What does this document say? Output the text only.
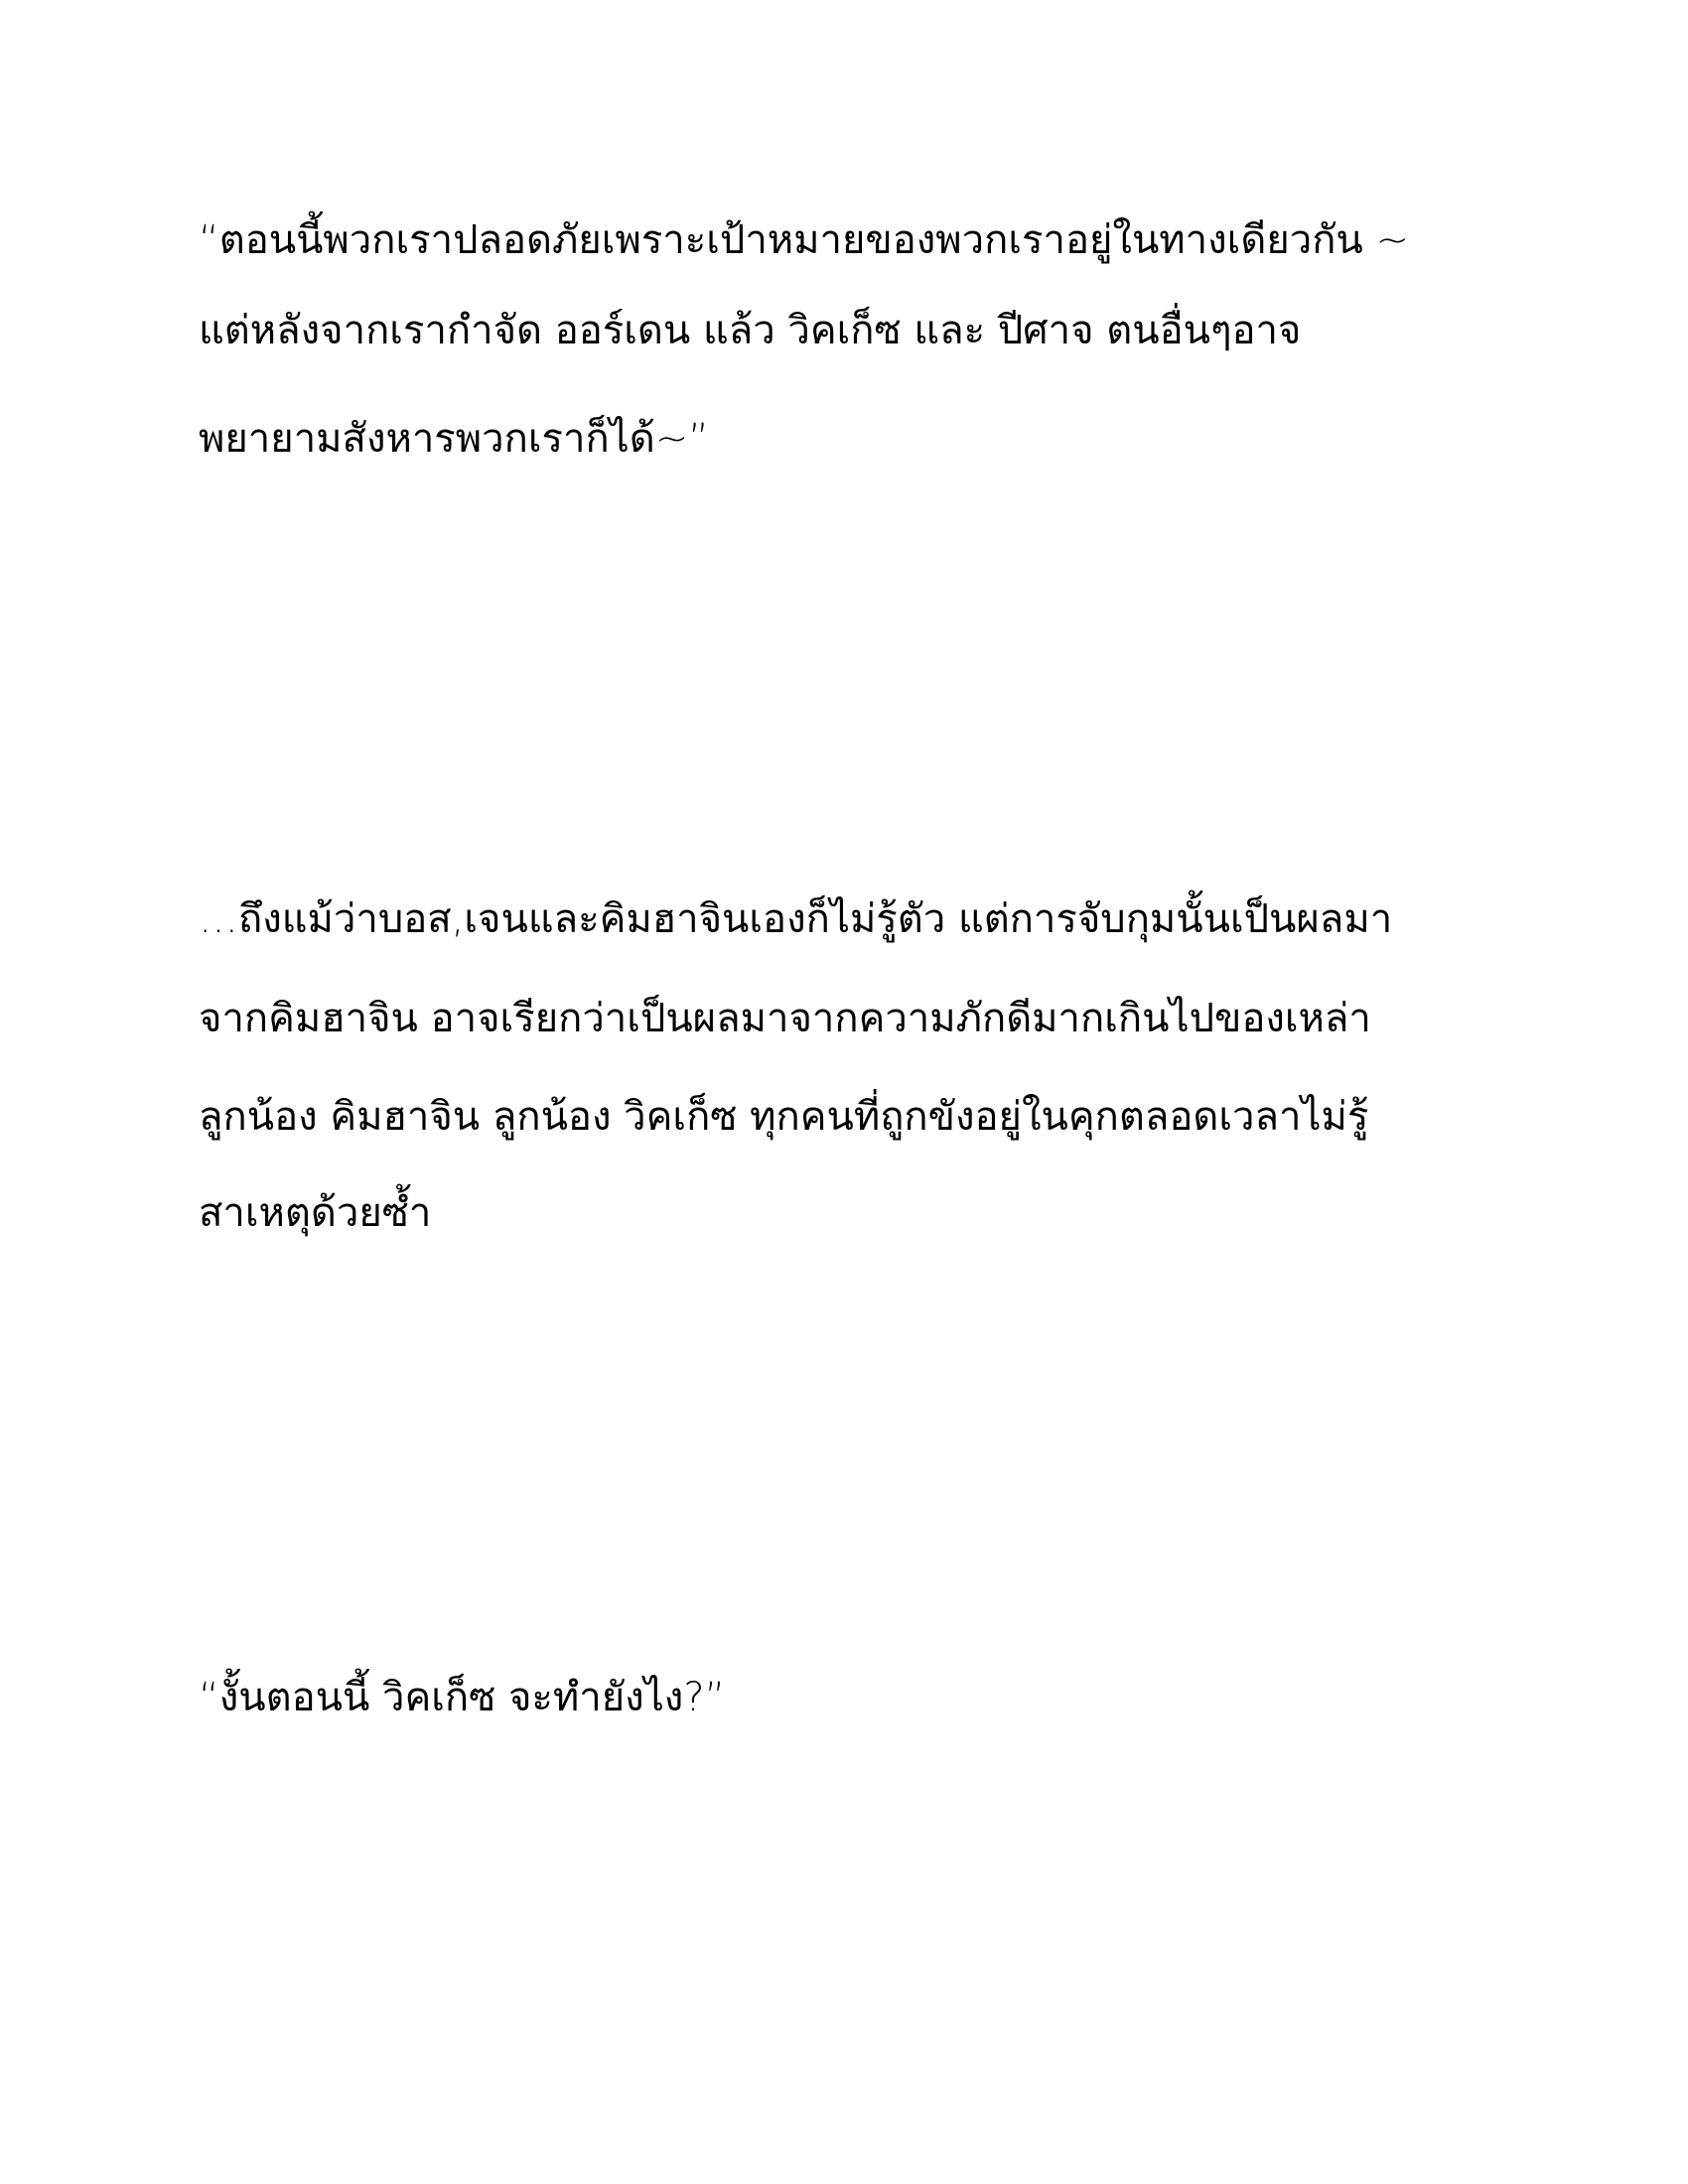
“ตอนนี้พวกเราปลอดภัยเพราะเป้าหมายของพวกเราอยู่ในทางเดียวกัน ~
แต่หลังจากเรากำจัด ออร์เดน แล้ว วิคเก็ซ และ ปีศาจ ตนอื่นๆอาจ
พยายามสังหารพวกเราก็ได้~”
…ถึงแม้ว่าบอส,เจนและคิมฮาจินเองก็ไม่รู้ตัว แต่การจับกุมนั้นเป็นผลมา
จากคิมฮาจิน อาจเรียกว่าเป็นผลมาจากความภักดีมากเกินไปของเหล่า
ลูกน้อง คิมฮาจิน ลูกน้อง วิคเก็ซ ทุกคนที่ถูกขังอยู่ในคุกตลอดเวลาไม่รู้
สาเหตุด้วยซ้ำ
“งั้นตอนนี้ วิคเก็ซ จะทำยังไง?”
